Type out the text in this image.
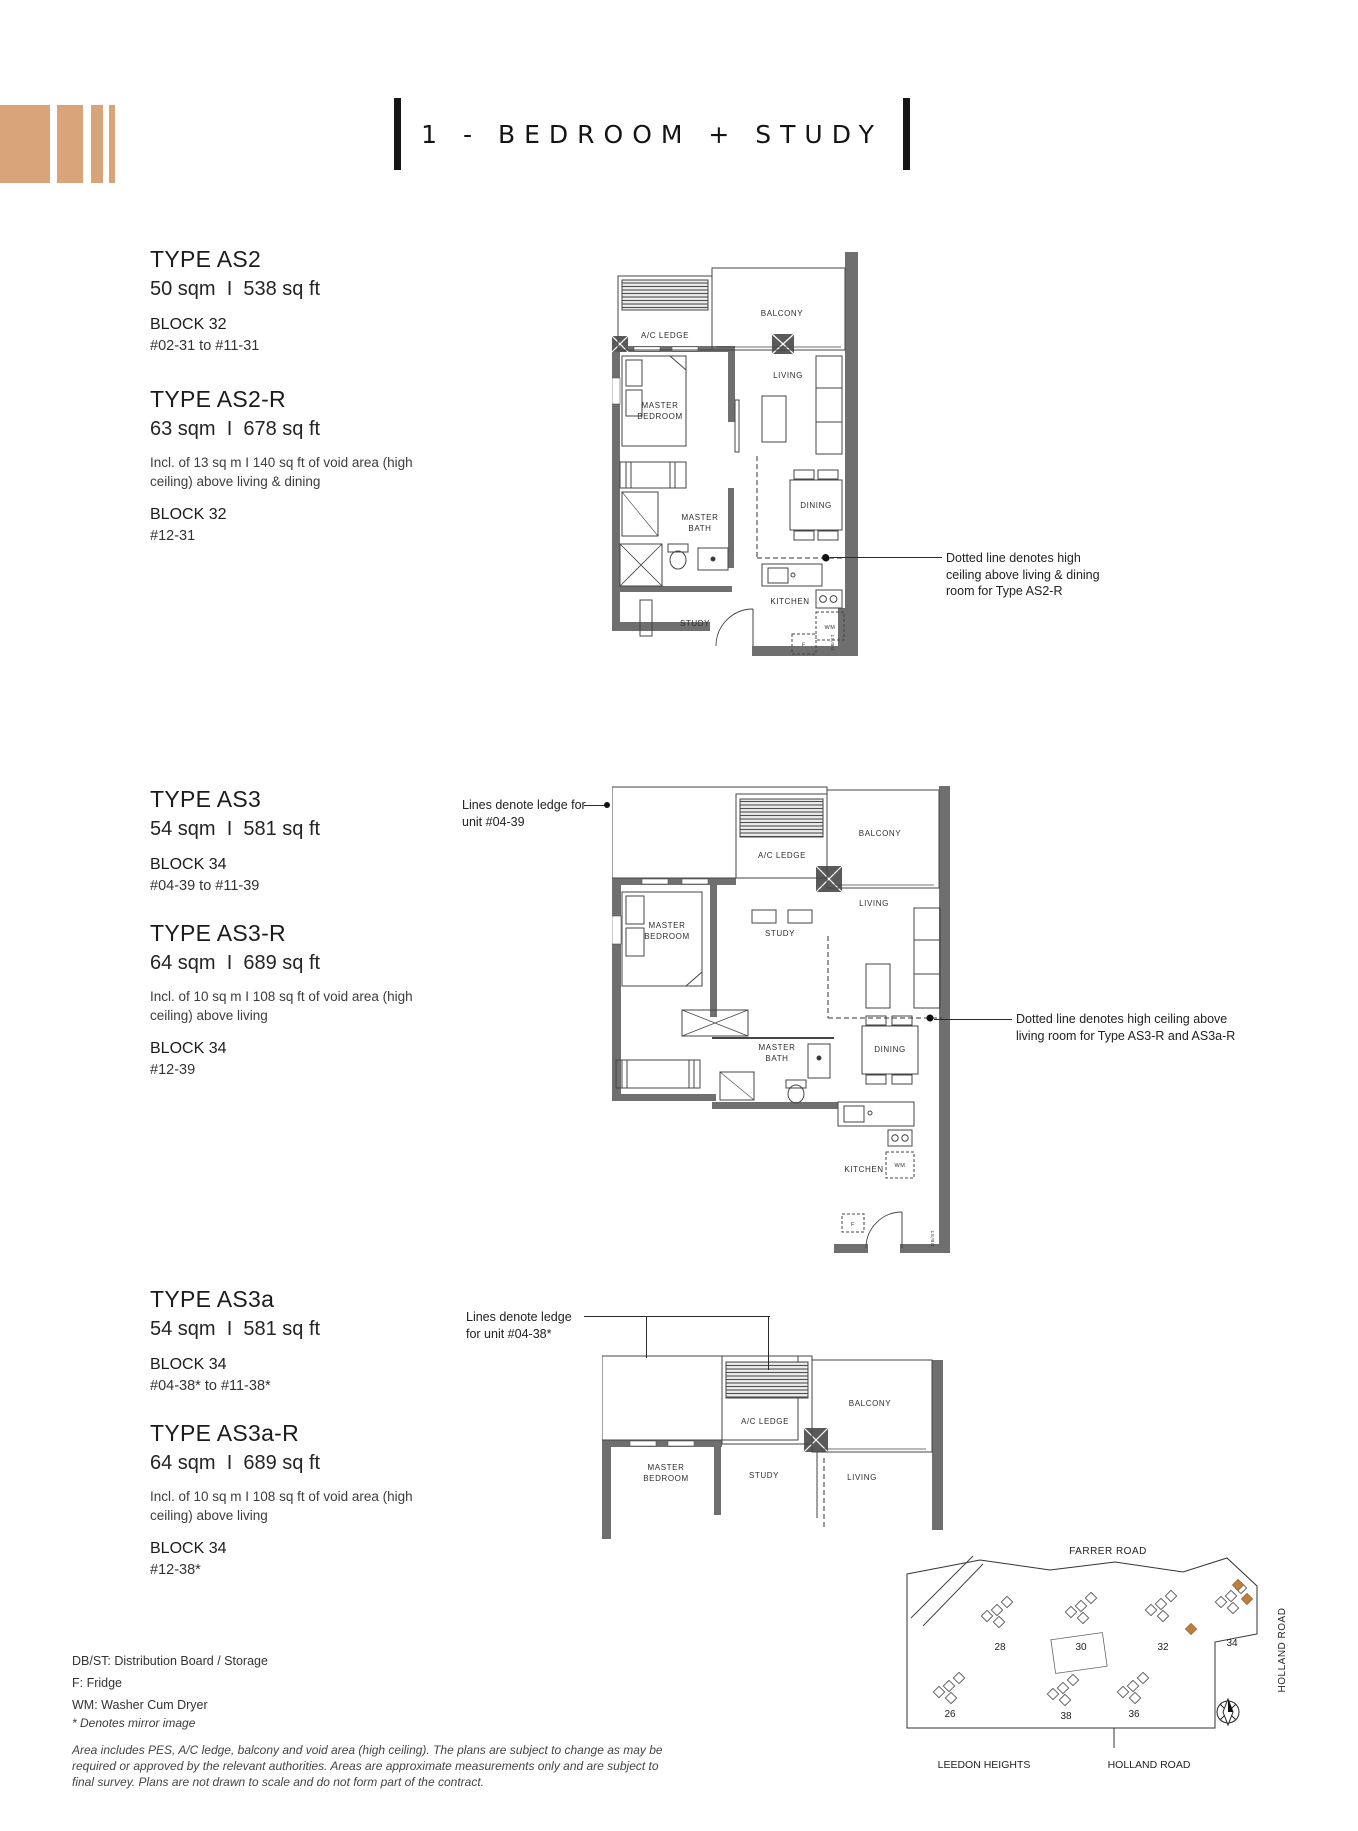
1 - BEDROOM + STUDY
TYPE AS2
50 sqm  I  538 sq ft
BLOCK 32
#02-31 to #11-31
TYPE AS2-R
63 sqm  I  678 sq ft
Incl. of 13 sq m I 140 sq ft of void area (high ceiling) above living & dining
BLOCK 32
#12-31
TYPE AS3
54 sqm  I  581 sq ft
BLOCK 34
#04-39 to #11-39
TYPE AS3-R
64 sqm  I  689 sq ft
Incl. of 10 sq m I 108 sq ft of void area (high ceiling) above living
BLOCK 34
#12-39
TYPE AS3a
54 sqm  I  581 sq ft
BLOCK 34
#04-38* to #11-38*
TYPE AS3a-R
64 sqm  I  689 sq ft
Incl. of 10 sq m I 108 sq ft of void area (high ceiling) above living
BLOCK 34
#12-38*
A/C LEDGE
BALCONY
MASTER
BEDROOM
LIVING
DINING
MASTER
BATH
KITCHEN
STUDY	WM
F	DB/ST
Dotted line denotes high
ceiling above living & dining
room for Type AS2-R
A/C LEDGE
BALCONY
MASTER
BEDROOM	STUDY
LIVING
DINING
MASTER
BATH
KITCHEN WM
F
DB/ST
Lines denote ledge for
unit #04-39
Dotted line denotes high ceiling above
living room for Type AS3-R and AS3a-R
A/C LEDGE
BALCONY
MASTER
BEDROOM	STUDY	LIVING
Lines denote ledge
for unit #04-38*
DB/ST: Distribution Board / Storage
F: Fridge
WM: Washer Cum Dryer
* Denotes mirror image
Area includes PES, A/C ledge, balcony and void area (high ceiling). The plans are subject to change as may be
required or approved by the relevant authorities. Areas are approximate measurements only and are subject to
final survey. Plans are not drawn to scale and do not form part of the contract.
28	30	32	34
26	38	36
FARRER ROAD
HOLLAND ROAD
LEEDON HEIGHTS	HOLLAND ROAD
